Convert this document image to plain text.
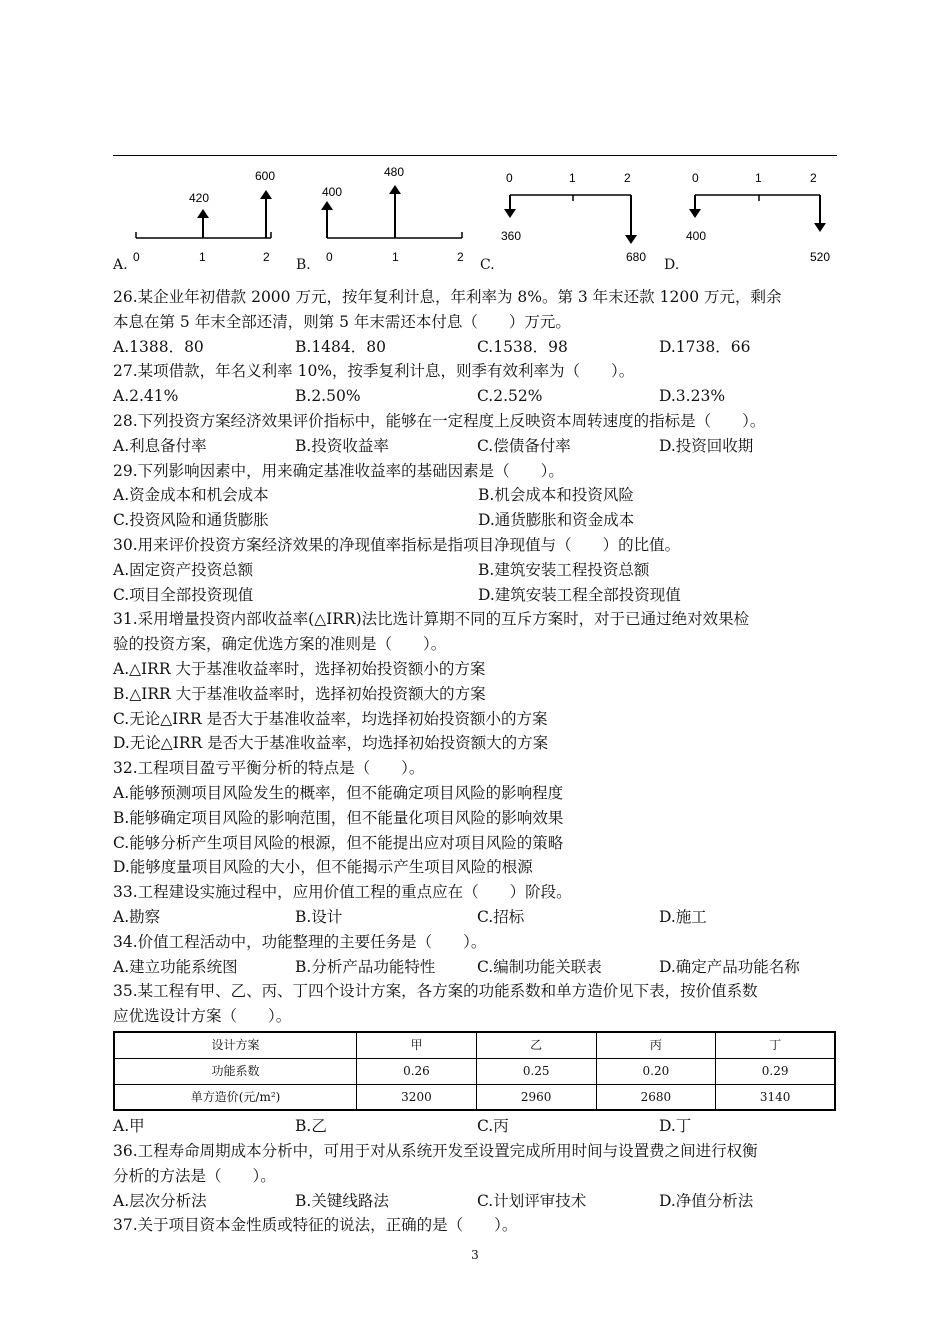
420
600
0	1	2
A.
400
480
0	1	2
B.
0	1	2
360
680
C.
0	1	2
400
520
D.
26.某企业年初借款 2000 万元，按年复利计息，年利率为 8%。第 3 年末还款 1200 万元，剩余
本息在第 5 年末全部还清，则第 5 年末需还本付息（　　）万元。
A.1388．80	B.1484．80	C.1538．98	D.1738．66
27.某项借款，年名义利率 10%，按季复利计息，则季有效利率为（　　）。
A.2.41%	B.2.50%	C.2.52%	D.3.23%
28.下列投资方案经济效果评价指标中，能够在一定程度上反映资本周转速度的指标是（　　）。
A.利息备付率	B.投资收益率	C.偿债备付率	D.投资回收期
29.下列影响因素中，用来确定基准收益率的基础因素是（　　）。
A.资金成本和机会成本	B.机会成本和投资风险
C.投资风险和通货膨胀	D.通货膨胀和资金成本
30.用来评价投资方案经济效果的净现值率指标是指项目净现值与（　　）的比值。
A.固定资产投资总额	B.建筑安装工程投资总额
C.项目全部投资现值	D.建筑安装工程全部投资现值
31.采用增量投资内部收益率(△IRR)法比选计算期不同的互斥方案时，对于已通过绝对效果检
验的投资方案，确定优选方案的准则是（　　）。
A.△IRR 大于基准收益率时，选择初始投资额小的方案
B.△IRR 大于基准收益率时，选择初始投资额大的方案
C.无论△IRR 是否大于基准收益率，均选择初始投资额小的方案
D.无论△IRR 是否大于基准收益率，均选择初始投资额大的方案
32.工程项目盈亏平衡分析的特点是（　　）。
A.能够预测项目风险发生的概率，但不能确定项目风险的影响程度
B.能够确定项目风险的影响范围，但不能量化项目风险的影响效果
C.能够分析产生项目风险的根源，但不能提出应对项目风险的策略
D.能够度量项目风险的大小，但不能揭示产生项目风险的根源
33.工程建设实施过程中，应用价值工程的重点应在（　　）阶段。
A.勘察	B.设计	C.招标	D.施工
34.价值工程活动中，功能整理的主要任务是（　　）。
A.建立功能系统图	B.分析产品功能特性	C.编制功能关联表	D.确定产品功能名称
35.某工程有甲、乙、丙、丁四个设计方案，各方案的功能系数和单方造价见下表，按价值系数
应优选设计方案（　　）。
设计方案	甲	乙	丙	丁
功能系数	0.26	0.25	0.20	0.29
单方造价(元/m²)	3200	2960	2680	3140
A.甲	B.乙	C.丙	D.丁
36.工程寿命周期成本分析中，可用于对从系统开发至设置完成所用时间与设置费之间进行权衡
分析的方法是（　　）。
A.层次分析法	B.关键线路法	C.计划评审技术	D.净值分析法
37.关于项目资本金性质或特征的说法，正确的是（　　）。
3
